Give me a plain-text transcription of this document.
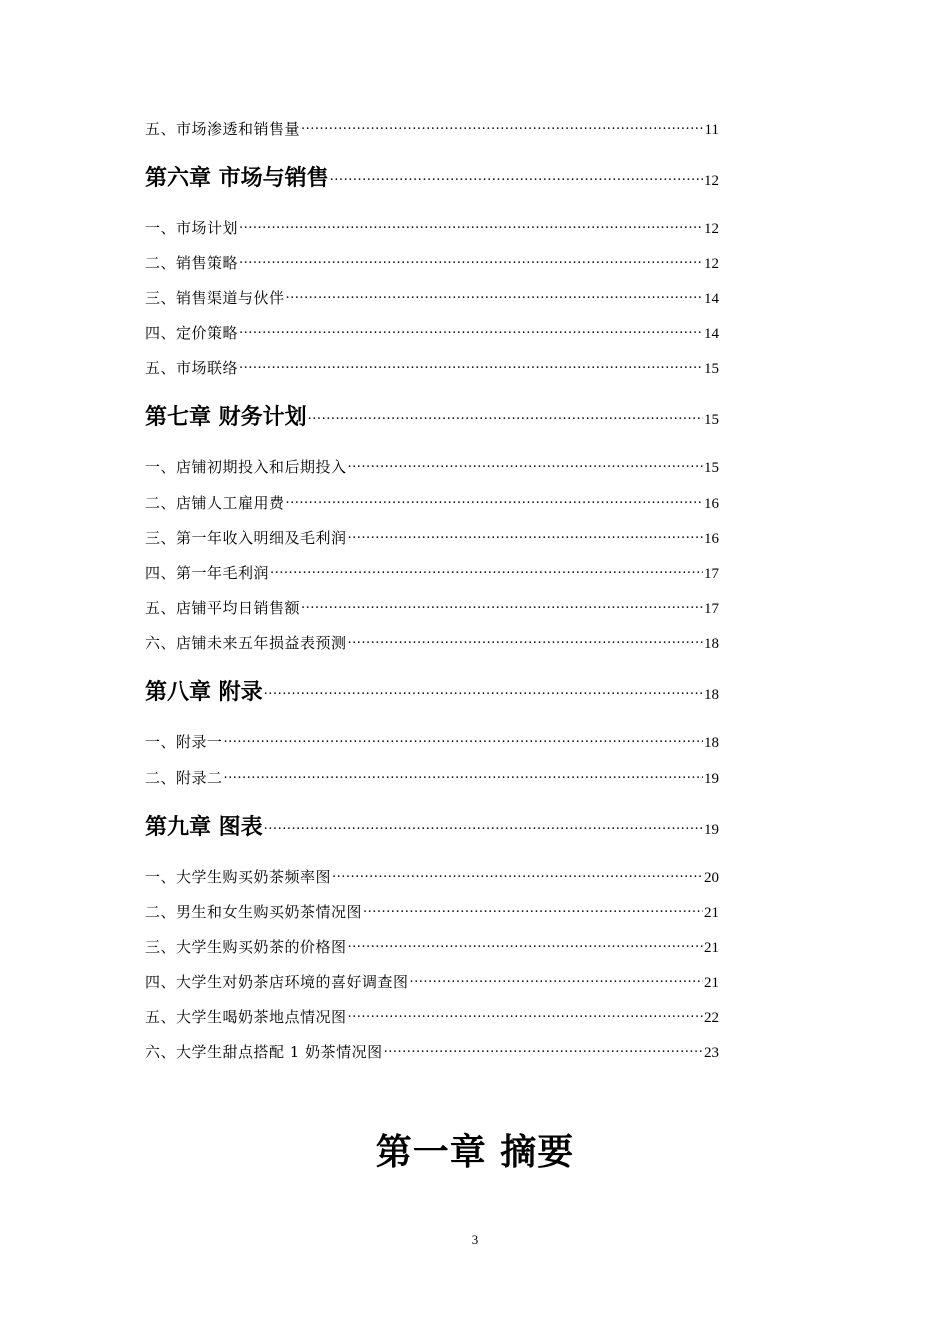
五、市场渗透和销售量 .....	11
第六章 市场与销售 .....	12
一、市场计划 .....	12
二、销售策略 .....	12
三、销售渠道与伙伴 .....	14
四、定价策略 .....	14
五、市场联络 .....	15
第七章 财务计划 .....	15
一、店铺初期投入和后期投入 .....	15
二、店铺人工雇用费 .....	16
三、第一年收入明细及毛利润 .....	16
四、第一年毛利润 .....	17
五、店铺平均日销售额 .....	17
六、店铺未来五年损益表预测 .....	18
第八章 附录 .....	18
一、附录一 .....	18
二、附录二 .....	19
第九章 图表 .....	19
一、大学生购买奶茶频率图 .....	20
二、男生和女生购买奶茶情况图 .....	21
三、大学生购买奶茶的价格图 .....	21
四、大学生对奶茶店环境的喜好调查图 .....	21
五、大学生喝奶茶地点情况图 .....	22
六、大学生甜点搭配 1 奶茶情况图 .....	23
第一章 摘要
3
